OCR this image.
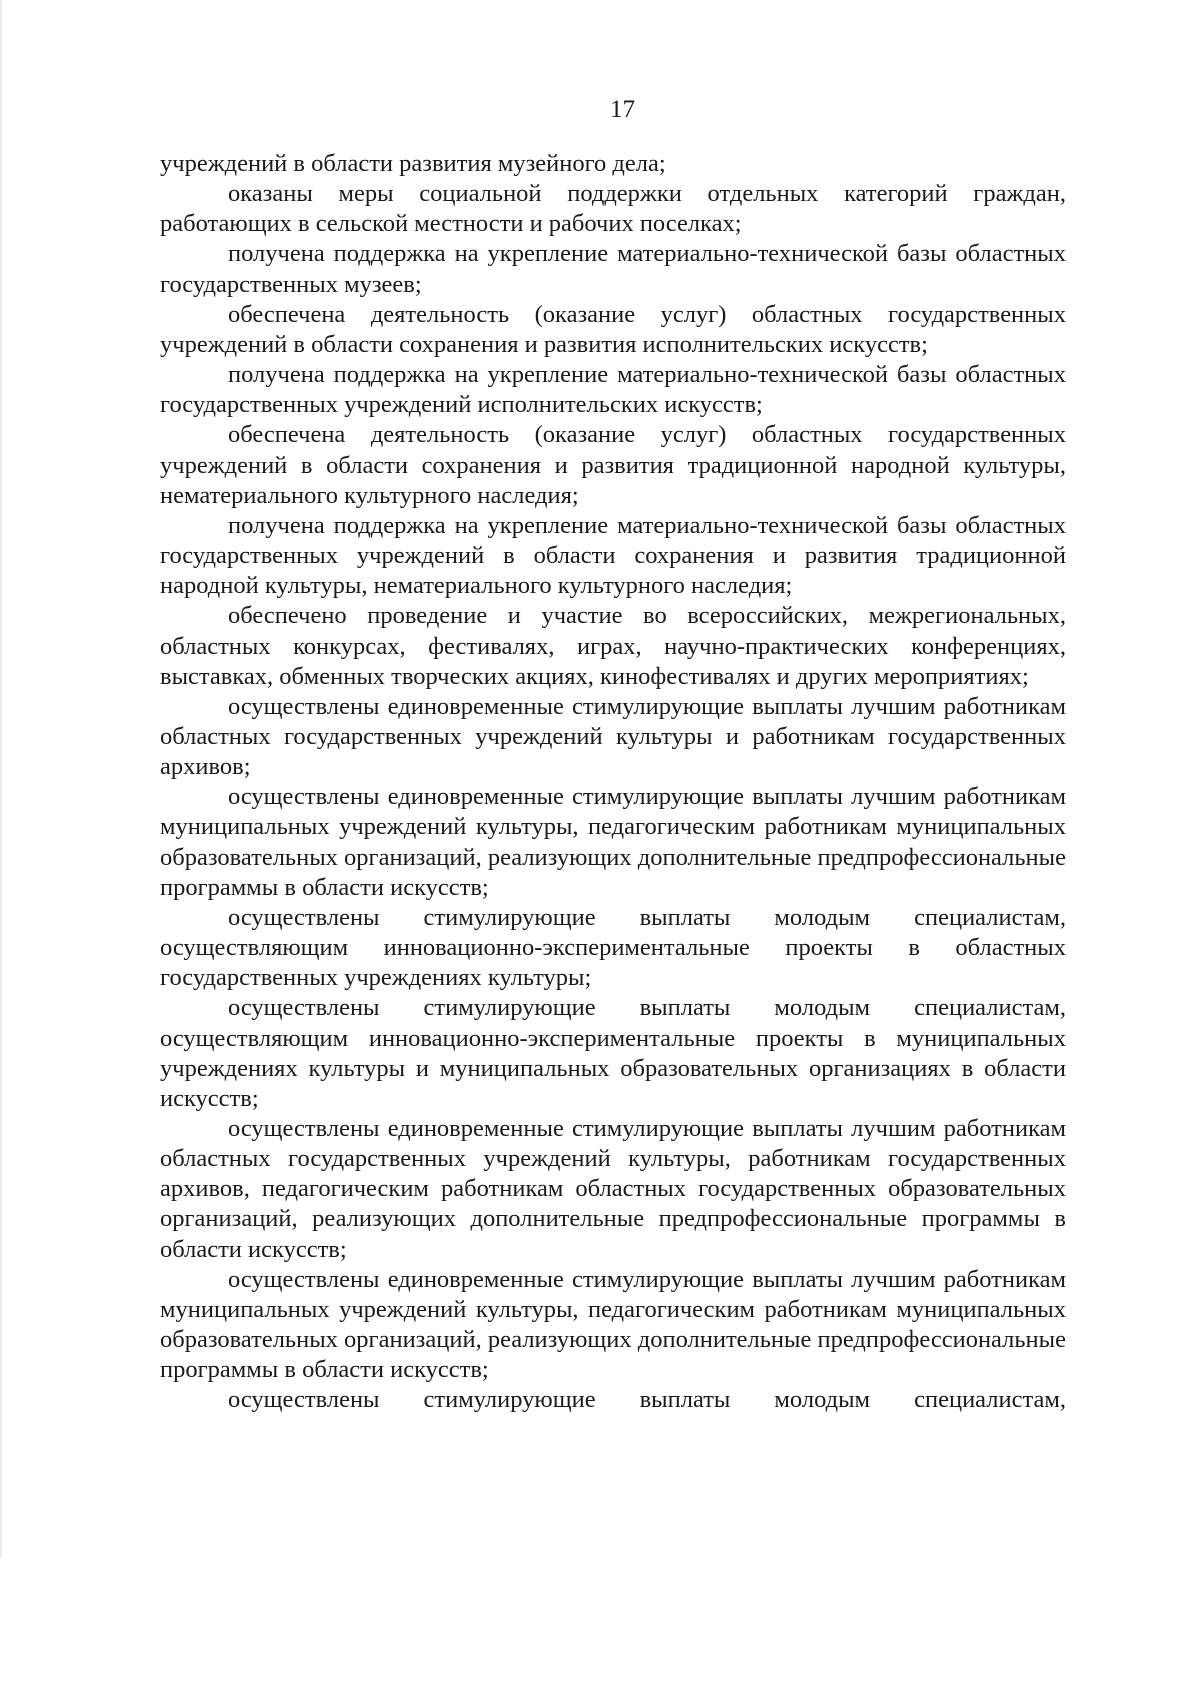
17

учреждений в области развития музейного дела;

оказаны меры социальной поддержки отдельных категорий граждан, работающих в сельской местности и рабочих поселках;

получена поддержка на укрепление материально-технической базы областных государственных музеев;

обеспечена деятельность (оказание услуг) областных государственных учреждений в области сохранения и развития исполнительских искусств;

получена поддержка на укрепление материально-технической базы областных государственных учреждений исполнительских искусств;

обеспечена деятельность (оказание услуг) областных государственных учреждений в области сохранения и развития традиционной народной культуры, нематериального культурного наследия;

получена поддержка на укрепление материально-технической базы областных государственных учреждений в области сохранения и развития традиционной народной культуры, нематериального культурного наследия;

обеспечено проведение и участие во всероссийских, межрегиональных, областных конкурсах, фестивалях, играх, научно-практических конференциях, выставках, обменных творческих акциях, кинофестивалях и других мероприятиях;

осуществлены единовременные стимулирующие выплаты лучшим работникам областных государственных учреждений культуры и работникам государственных архивов;

осуществлены единовременные стимулирующие выплаты лучшим работникам муниципальных учреждений культуры, педагогическим работникам муниципальных образовательных организаций, реализующих дополнительные предпрофессиональные программы в области искусств;

осуществлены стимулирующие выплаты молодым специалистам, осуществляющим инновационно-экспериментальные проекты в областных государственных учреждениях культуры;

осуществлены стимулирующие выплаты молодым специалистам, осуществляющим инновационно-экспериментальные проекты в муниципальных учреждениях культуры и муниципальных образовательных организациях в области искусств;

осуществлены единовременные стимулирующие выплаты лучшим работникам областных государственных учреждений культуры, работникам государственных архивов, педагогическим работникам областных государственных образовательных организаций, реализующих дополнительные предпрофессиональные программы в области искусств;

осуществлены единовременные стимулирующие выплаты лучшим работникам муниципальных учреждений культуры, педагогическим работникам муниципальных образовательных организаций, реализующих дополнительные предпрофессиональные программы в области искусств;

осуществлены стимулирующие выплаты молодым специалистам,
